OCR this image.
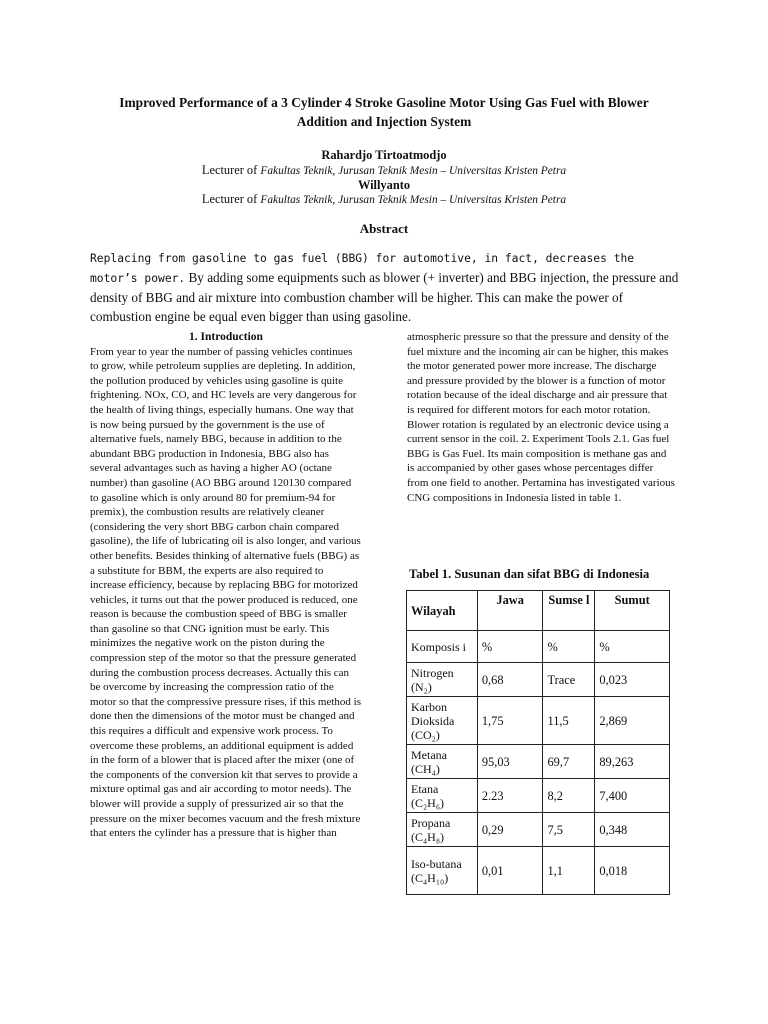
Improved Performance of a 3 Cylinder 4 Stroke Gasoline Motor Using Gas Fuel with Blower Addition and Injection System
Rahardjo Tirtoatmodjo
Lecturer of Fakultas Teknik, Jurusan Teknik Mesin – Universitas Kristen Petra
Willyanto
Lecturer of Fakultas Teknik, Jurusan Teknik Mesin – Universitas Kristen Petra
Abstract
Replacing from gasoline to gas fuel (BBG) for automotive, in fact, decreases the motor’s power. By adding some equipments such as blower (+ inverter) and BBG injection, the pressure and density of BBG and air mixture into combustion chamber will be higher. This can make the power of combustion engine be equal even bigger than using gasoline.
1. Introduction
From year to year the number of passing vehicles continues to grow, while petroleum supplies are depleting. In addition, the pollution produced by vehicles using gasoline is quite frightening. NOx, CO, and HC levels are very dangerous for the health of living things, especially humans. One way that is now being pursued by the government is the use of alternative fuels, namely BBG, because in addition to the abundant BBG production in Indonesia, BBG also has several advantages such as having a higher AO (octane number) than gasoline (AO BBG around 120130 compared to gasoline which is only around 80 for premium-94 for premix), the combustion results are relatively cleaner (considering the very short BBG carbon chain compared gasoline), the life of lubricating oil is also longer, and various other benefits. Besides thinking of alternative fuels (BBG) as a substitute for BBM, the experts are also required to increase efficiency, because by replacing BBG for motorized vehicles, it turns out that the power produced is reduced, one reason is because the combustion speed of BBG is smaller than gasoline so that CNG ignition must be early. This minimizes the negative work on the piston during the compression step of the motor so that the pressure generated during the combustion process decreases. Actually this can be overcome by increasing the compression ratio of the motor so that the compressive pressure rises, if this method is done then the dimensions of the motor must be changed and this requires a difficult and expensive work process. To overcome these problems, an additional equipment is added in the form of a blower that is placed after the mixer (one of the components of the conversion kit that serves to provide a mixture optimal gas and air according to motor needs). The blower will provide a supply of pressurized air so that the pressure on the mixer becomes vacuum and the fresh mixture that enters the cylinder has a pressure that is higher than
atmospheric pressure so that the pressure and density of the fuel mixture and the incoming air can be higher, this makes the motor generated power more increase. The discharge and pressure provided by the blower is a function of motor rotation because of the ideal discharge and air pressure that is required for different motors for each motor rotation. Blower rotation is regulated by an electronic device using a current sensor in the coil. 2. Experiment Tools 2.1. Gas fuel BBG is Gas Fuel. Its main composition is methane gas and is accompanied by other gases whose percentages differ from one field to another. Pertamina has investigated various CNG compositions in Indonesia listed in table 1.
Tabel 1. Susunan dan sifat BBG di Indonesia
Wilayah	Jawa	Sumse l	Sumut
Komposis i	%	%	%
Nitrogen
(N₂)	0,68	Trace	0,023
Karbon Dioksida
(CO₂)	1,75	11,5	2,869
Metana
(CH₄)	95,03	69,7	89,263
Etana
(C₂H₆)	2.23	8,2	7,400
Propana
(C₄H₈)	0,29	7,5	0,348
Iso-butana
(C₄H₁₀)	0,01	1,1	0,018
